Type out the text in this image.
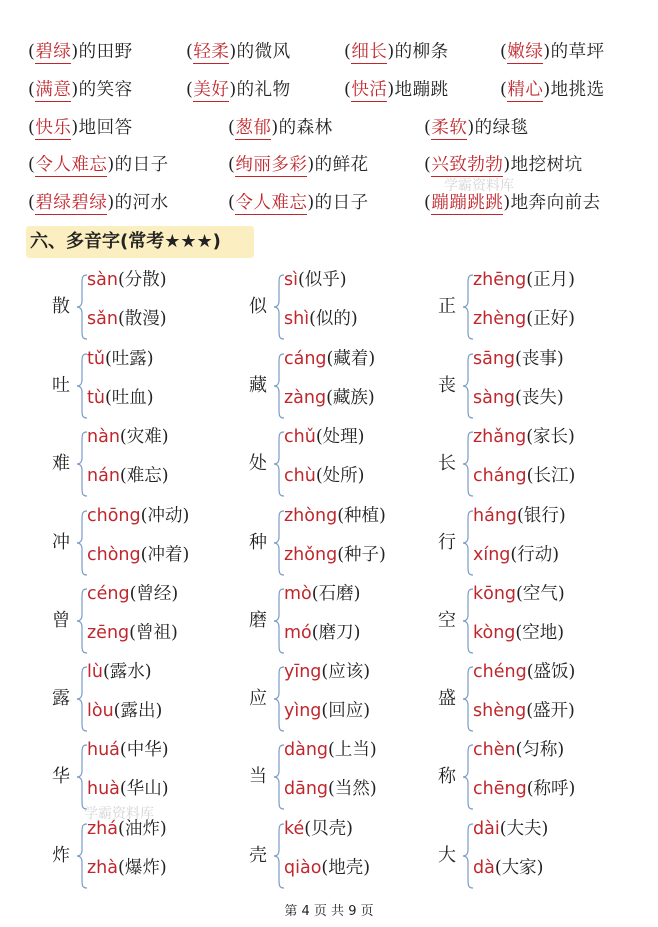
(碧绿)的田野	(轻柔)的微风	(细长)的柳条	(嫩绿)的草坪
(满意)的笑容	(美好)的礼物	(快活)地蹦跳	(精心)地挑选
(快乐)地回答	(葱郁)的森林	(柔软)的绿毯
(令人难忘)的日子	(绚丽多彩)的鲜花	(兴致勃勃)地挖树坑
(碧绿碧绿)的河水	(令人难忘)的日子	(蹦蹦跳跳)地奔向前去
六、多音字(常考★★★)
散
sàn(分散)
sǎn(散漫)
似
sì(似乎)
shì(似的)
正
zhēng(正月)
zhèng(正好)
吐
tǔ(吐露)
tù(吐血)
藏
cáng(藏着)
zàng(藏族)
丧
sāng(丧事)
sàng(丧失)
难
nàn(灾难)
nán(难忘)
处
chǔ(处理)
chù(处所)
长
zhǎng(家长)
cháng(长江)
冲
chōng(冲动)
chòng(冲着)
种
zhòng(种植)
zhǒng(种子)
行
háng(银行)
xíng(行动)
曾
céng(曾经)
zēng(曾祖)
磨
mò(石磨)
mó(磨刀)
空
kōng(空气)
kòng(空地)
露
lù(露水)
lòu(露出)
应
yīng(应该)
yìng(回应)
盛
chéng(盛饭)
shèng(盛开)
华
huá(中华)
huà(华山)
当
dàng(上当)
dāng(当然)
称
chèn(匀称)
chēng(称呼)
炸
zhá(油炸)
zhà(爆炸)
壳
ké(贝壳)
qiào(地壳)
大
dài(大夫)
dà(大家)
学霸资料库
学霸资料库
第 4 页 共 9 页
